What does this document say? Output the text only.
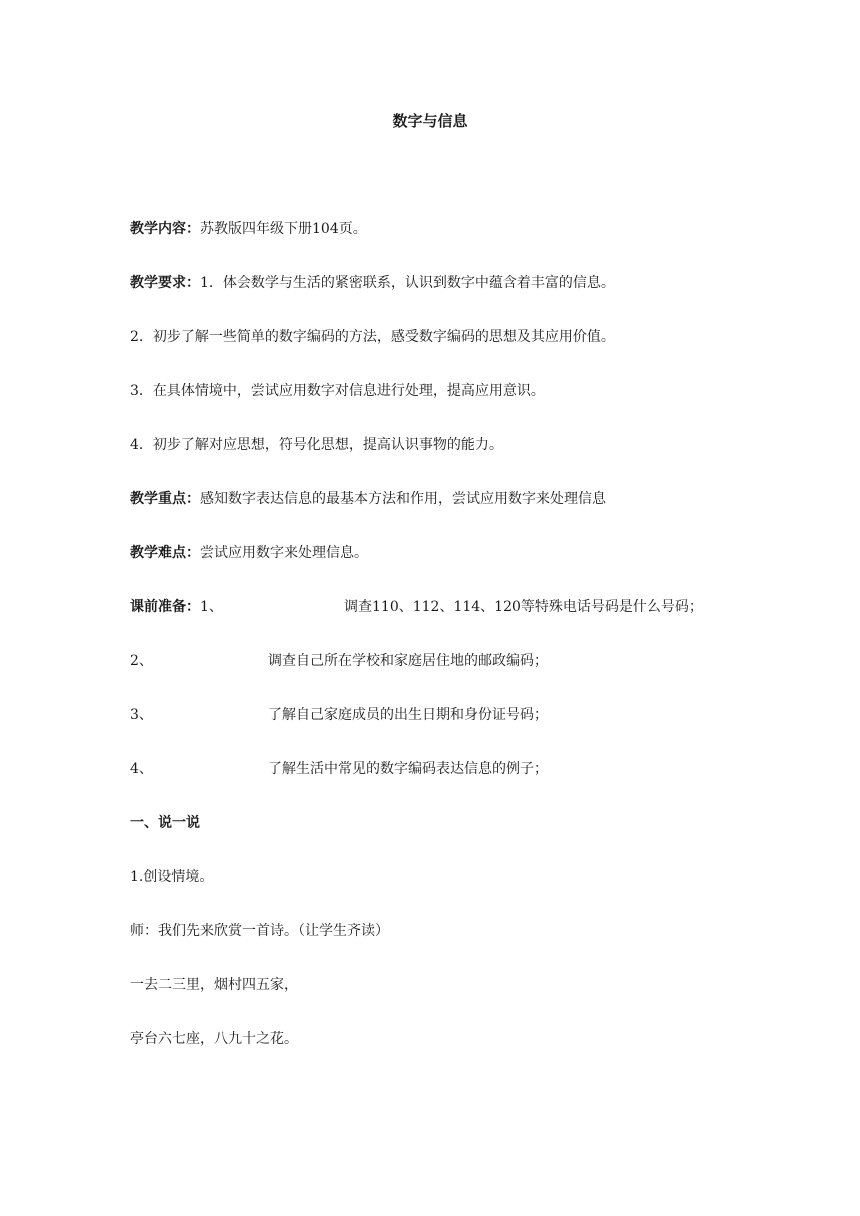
数字与信息
教学内容：苏教版四年级下册104页。
教学要求：1．体会数学与生活的紧密联系，认识到数字中蕴含着丰富的信息。
2．初步了解一些简单的数字编码的方法，感受数字编码的思想及其应用价值。
3．在具体情境中，尝试应用数字对信息进行处理，提高应用意识。
4．初步了解对应思想，符号化思想，提高认识事物的能力。
教学重点：感知数字表达信息的最基本方法和作用，尝试应用数字来处理信息
教学难点：尝试应用数字来处理信息。
课前准备：1、	调查110、112、114、120等特殊电话号码是什么号码；
2、	调查自己所在学校和家庭居住地的邮政编码；
3、	了解自己家庭成员的出生日期和身份证号码；
4、	了解生活中常见的数字编码表达信息的例子；
一、说一说
1.创设情境。
师：我们先来欣赏一首诗。（让学生齐读）
一去二三里，烟村四五家，
亭台六七座，八九十之花。
